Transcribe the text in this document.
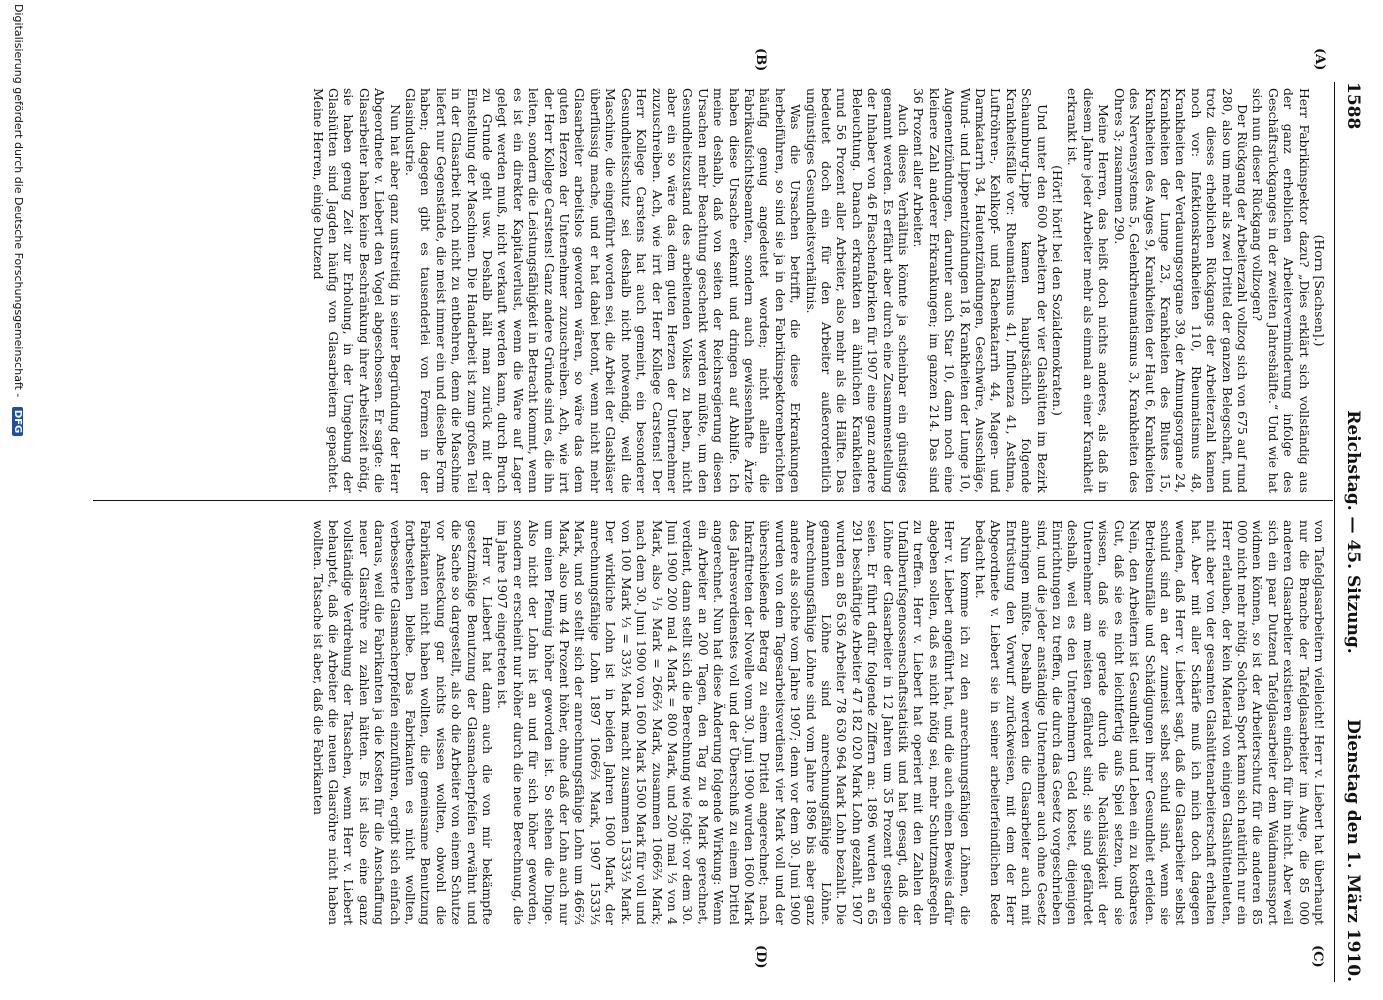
1588
Reichstag. — 45. Sitzung.
Dienstag den 1. März 1910.
(A)
(B)
(C)
(D)

(Horn [Sachsen].)

Herr Fabrikinspektor dazu? „Dies erklärt sich vollständig aus der ganz erheblichen Arbeiterverminderung infolge des Geschäftsrückganges in der zweiten Jahreshälfte.“ Und wie hat sich nun dieser Rückgang vollzogen?

Der Rückgang der Arbeiterzahl vollzog sich von 675 auf rund 280, also um mehr als zwei Drittel der ganzen Belegschaft, und trotz dieses erheblichen Rückgangs der Arbeiterzahl kamen noch vor: Infektionskrankheiten 110, Rheumatismus 48, Krankheiten der Verdauungsorgane 39, der Atmungsorgane 24, Krankheiten der Lunge 23, Krankheiten des Blutes 15, Krankheiten des Auges 9, Krankheiten der Haut 6, Krankheiten des Nervensystems 5, Gelenkrheumatismus 3, Krankheiten des Ohres 3; zusammen 290.

Meine Herren, das heißt doch nichts anderes, als daß in diesem Jahre jeder Arbeiter mehr als einmal an einer Krankheit erkrankt ist.

(Hört! hört! bei den Sozialdemokraten.)

Und unter den 600 Arbeitern der vier Glashütten im Bezirk Schaumburg-Lippe kamen hauptsächlich folgende Krankheitsfälle vor: Rheumatismus 41, Influenza 41, Asthma, Luftröhren-, Kehlkopf- und Rachenkatarrh 44, Magen- und Darmkatarrh 34, Hautentzündungen, Geschwüre, Ausschläge, Wund- und Lippenentzündungen 18, Krankheiten der Lunge 10, Augenentzündungen, darunter auch Star 10, dann noch eine kleinere Zahl anderer Erkrankungen; im ganzen 214. Das sind 36 Prozent aller Arbeiter.

Auch dieses Verhältnis könnte ja scheinbar ein günstiges genannt werden. Es erfährt aber durch eine Zusammenstellung der Inhaber von 46 Flaschenfabriken für 1907 eine ganz andere Beleuchtung. Danach erkrankten an ähnlichen Krankheiten rund 56 Prozent aller Arbeiter, also mehr als die Hälfte. Das bedeutet doch ein für den Arbeiter außerordentlich ungünstiges Gesundheitsverhältnis.

Was die Ursachen betrifft, die diese Erkrankungen herbeiführen, so sind sie ja in den Fabrikinspektorenberichten häufig genug angedeutet worden; nicht allein die Fabrikaufsichtsbeamten, sondern auch gewissenhafte Ärzte haben diese Ursache erkannt und dringen auf Abhilfe. Ich meine deshalb, daß von seiten der Reichsregierung diesen Ursachen mehr Beachtung geschenkt werden müßte, um den Gesundheitszustand des arbeitenden Volkes zu heben, nicht aber ein so wäre das dem guten Herzen der Unternehmer zuzuschreiben. Ach, wie irrt der Herr Kollege Carstens! Der Herr Kollege Carstens hat auch gemeint, ein besonderer Gesundheitsschutz sei deshalb nicht notwendig, weil die Maschine, die eingeführt worden sei, die Arbeit der Glasbläser überflüssig mache, und er hat dabei betont, wenn nicht mehr Glasarbeiter arbeitslos geworden wären, so wäre das dem guten Herzen der Unternehmer zuzuschreiben. Ach, wie irrt der Herr Kollege Carstens! Ganz andere Gründe sind es, die ihn leiten, sondern die Leistungsfähigkeit in Betracht kommt, wenn es ist ein direkter Kapitalverlust, wenn die Ware auf Lager gelegt werden muß, nicht verkauft werden kann, durch Bruch zu Grunde geht usw. Deshalb hält man zurück mit der Einstellung der Maschinen. Die Handarbeit ist zum großen Teil in der Glasarbeit noch nicht zu entbehren, denn die Maschine liefert nur Gegenstände, die meist immer ein und dieselbe Form haben; dagegen gibt es tausenderlei von Formen in der Glasindustrie.

Nun hat aber ganz unstreitig in seiner Begründung der Herr Abgeordnete v. Liebert den Vogel abgeschossen. Er sagte: die Glasarbeiter haben keine Beschränkung ihrer Arbeitszeit nötig, sie haben genug Zeit zur Erholung, in der Umgebung der Glashütten sind Jagden häufig von Glasarbeitern gepachtet. Meine Herren, einige Dutzend

von Tafelglasarbeitern vielleicht! Herr v. Liebert hat überhaupt nur die Branche der Tafelglasarbeiter im Auge, die 85 000 anderen Glasarbeiter existieren einfach für ihn nicht. Aber weil sich ein paar Dutzend Tafelglasarbeiter dem Waidmannssport widmen können, so ist der Arbeiterschutz für die anderen 85 000 nicht mehr nötig. Solchen Sport kann sich natürlich nur ein Herr erlauben, der kein Material von einigen Glashüttenleuten, nicht aber von der gesamten Glashüttenarbeiterschaft erhalten hat. Aber mit aller Schärfe muß ich mich doch dagegen wenden, daß Herr v. Liebert sagt, daß die Glasarbeiter selbst schuld sind an der zumeist selbst schuld sind, wenn sie Betriebsunfälle und Schädigungen ihrer Gesundheit erleiden. Nein, den Arbeitern ist Gesundheit und Leben ein zu kostbares Gut, daß sie es nicht leichtfertig aufs Spiel setzen, und sie wissen, daß sie gerade durch die Nachlässigkeit der Unternehmer am meisten gefährdet sind; sie sind gefährdet deshalb, weil es den Unternehmern Geld kostet, diejenigen Einrichtungen zu treffen, die durch das Gesetz vorgeschrieben sind, und die jeder anständige Unternehmer auch ohne Gesetz anbringen müßte. Deshalb werden die Glasarbeiter auch mit Entrüstung den Vorwurf zurückweisen, mit dem der Herr Abgeordnete v. Liebert sie in seiner arbeiterfeindlichen Rede bedacht hat.

Nun komme ich zu den anrechnungsfähigen Löhnen, die Herr v. Liebert angeführt hat, und die auch einen Beweis dafür abgeben sollen, daß es nicht nötig sei, mehr Schutzmaßregeln zu treffen. Herr v. Liebert hat operiert mit den Zahlen der Unfallberufsgenossenschaftsstatistik und hat gesagt, daß die Löhne der Glasarbeiter in 12 Jahren um 35 Prozent gestiegen seien. Er führt dafür folgende Ziffern an: 1896 wurden an 65 291 beschäftigte Arbeiter 47 182 020 Mark Lohn gezahlt, 1907 wurden an 85 636 Arbeiter 78 630 964 Mark Lohn bezahlt. Die genannten Löhne sind anrechnungsfähige Löhne. Anrechnungsfähige Löhne sind vom Jahre 1896 bis aber ganz andere als solche vom Jahre 1907; denn vor dem 30. Juni 1900 wurden von dem Tagesarbeitsverdienst vier Mark voll und der überschießende Betrag zu einem Drittel angerechnet; nach Inkrafttreten der Novelle vom 30. Juni 1900 wurden 1600 Mark des Jahresverdienstes voll und der Überschuß zu einem Drittel angerechnet. Nun hat diese Änderung folgende Wirkung: Wenn ein Arbeiter an 200 Tagen, den Tag zu 8 Mark gerechnet, verdient, dann stellt sich die Berechnung wie folgt: vor dem 30. Juni 1900 200 mal 4 Mark = 800 Mark, und 200 mal ⅓ von 4 Mark, also ¹/₃ Mark = 266⅔ Mark, zusammen 1066⅔ Mark; nach dem 30. Juni 1900 von 1600 Mark 1500 Mark für voll und von 100 Mark ⅓ = 33⅓ Mark macht zusammen 1533⅓ Mark. Der wirkliche Lohn ist in beiden Jahren 1600 Mark, der anrechnungsfähige Lohn 1897 1066⅔ Mark, 1907 1533⅓ Mark, und so stellt sich der anrechnungsfähige Lohn um 466⅔ Mark, also um 44 Prozent höher, ohne daß der Lohn auch nur um einen Pfennig höher geworden ist. So stehen die Dinge. Also nicht der Lohn ist an und für sich höher geworden, sondern er erscheint nur höher durch die neue Berechnung, die im Jahre 1907 eingetreten ist.

Herr v. Liebert hat dann auch die von mir bekämpfte gesetzmäßige Benutzung der Glasmacherpfeifen erwähnt und die Sache so dargestellt, als ob die Arbeiter von einem Schutze vor Ansteckung gar nichts wissen wollten, obwohl die Fabrikanten nicht haben wollten, die gemeinsame Benutzung fortbestehen bleibe. Das Fabrikanten es nicht wollten, verbesserte Glasmacherpfeifen einzuführen, ergibt sich einfach daraus, weil die Fabrikanten ja die Kosten für die Anschaffung neuer Glasröhre zu zahlen hätten. Es ist also eine ganz vollständige Verdrehung der Tatsachen, wenn Herr v. Liebert behauptet, daß die Arbeiter die neuen Glasröhre nicht haben wollten. Tatsache ist aber, daß die Fabrikanten

Digitalisierung gefördert durch die Deutsche Forschungsgemeinschaft - DFG
